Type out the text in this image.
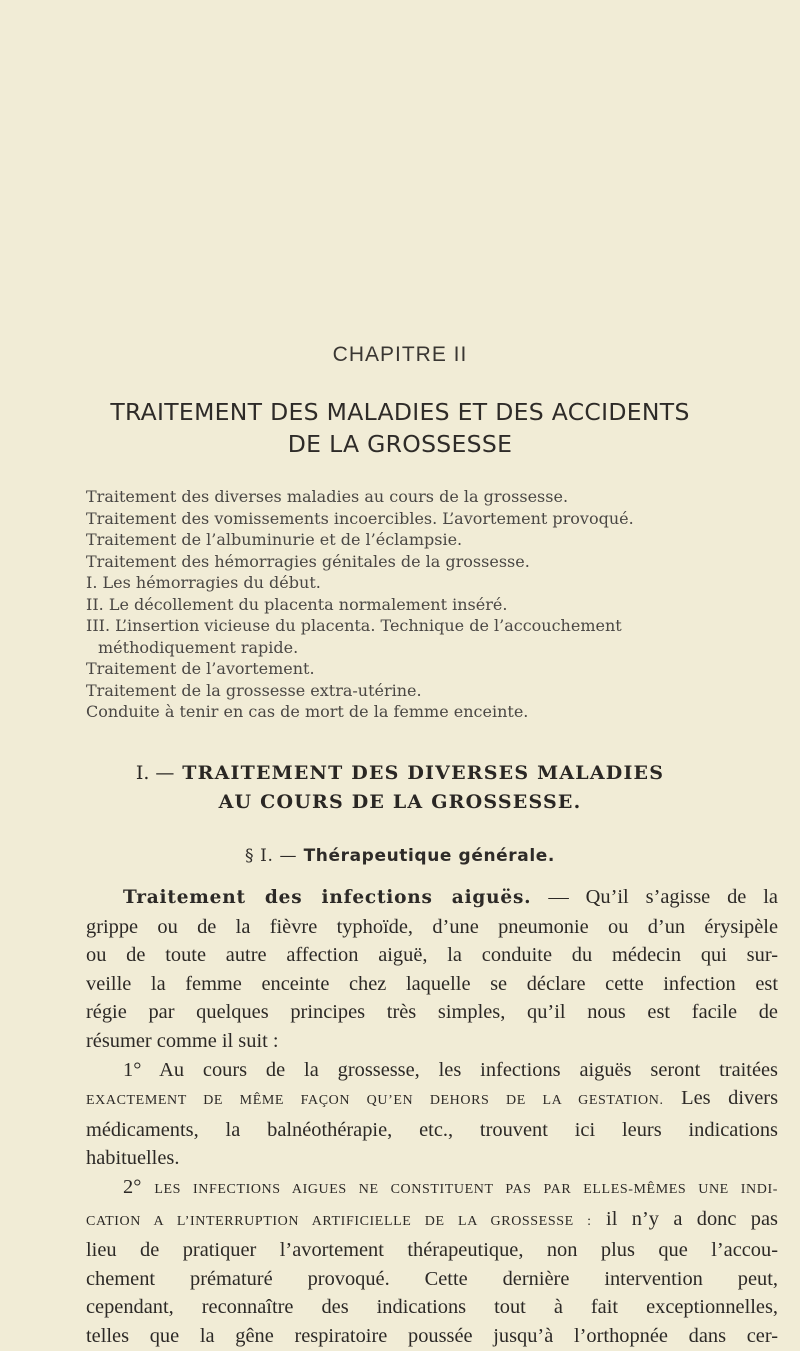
CHAPITRE II
TRAITEMENT DES MALADIES ET DES ACCIDENTS
DE LA GROSSESSE
Traitement des diverses maladies au cours de la grossesse.
Traitement des vomissements incoercibles. L’avortement provoqué.
Traitement de l’albuminurie et de l’éclampsie.
Traitement des hémorragies génitales de la grossesse.
I. Les hémorragies du début.
II. Le décollement du placenta normalement inséré.
III. L’insertion vicieuse du placenta. Technique de l’accouchement
méthodiquement rapide.
Traitement de l’avortement.
Traitement de la grossesse extra-utérine.
Conduite à tenir en cas de mort de la femme enceinte.
I. — TRAITEMENT DES DIVERSES MALADIES
AU COURS DE LA GROSSESSE.
§ I. — Thérapeutique générale.

Traitement des infections aiguës. — Qu’il s’agisse de la

grippe ou de la fièvre typhoïde, d’une pneumonie ou d’un érysipèle

ou de toute autre affection aiguë, la conduite du médecin qui sur-

veille la femme enceinte chez laquelle se déclare cette infection est

régie par quelques principes très simples, qu’il nous est facile de

résumer comme il suit :

1° Au cours de la grossesse, les infections aiguës seront traitées

EXACTEMENT DE MÊME FAÇON QU’EN DEHORS DE LA GESTATION. Les divers

médicaments, la balnéothérapie, etc., trouvent ici leurs indications

habituelles.

2° LES INFECTIONS AIGUES NE CONSTITUENT PAS PAR ELLES-MÊMES UNE INDI-

CATION A L’INTERRUPTION ARTIFICIELLE DE LA GROSSESSE : il n’y a donc pas

lieu de pratiquer l’avortement thérapeutique, non plus que l’accou-

chement prématuré provoqué. Cette dernière intervention peut,

cependant, reconnaître des indications tout à fait exceptionnelles,

telles que la gêne respiratoire poussée jusqu’à l’orthopnée dans cer-
